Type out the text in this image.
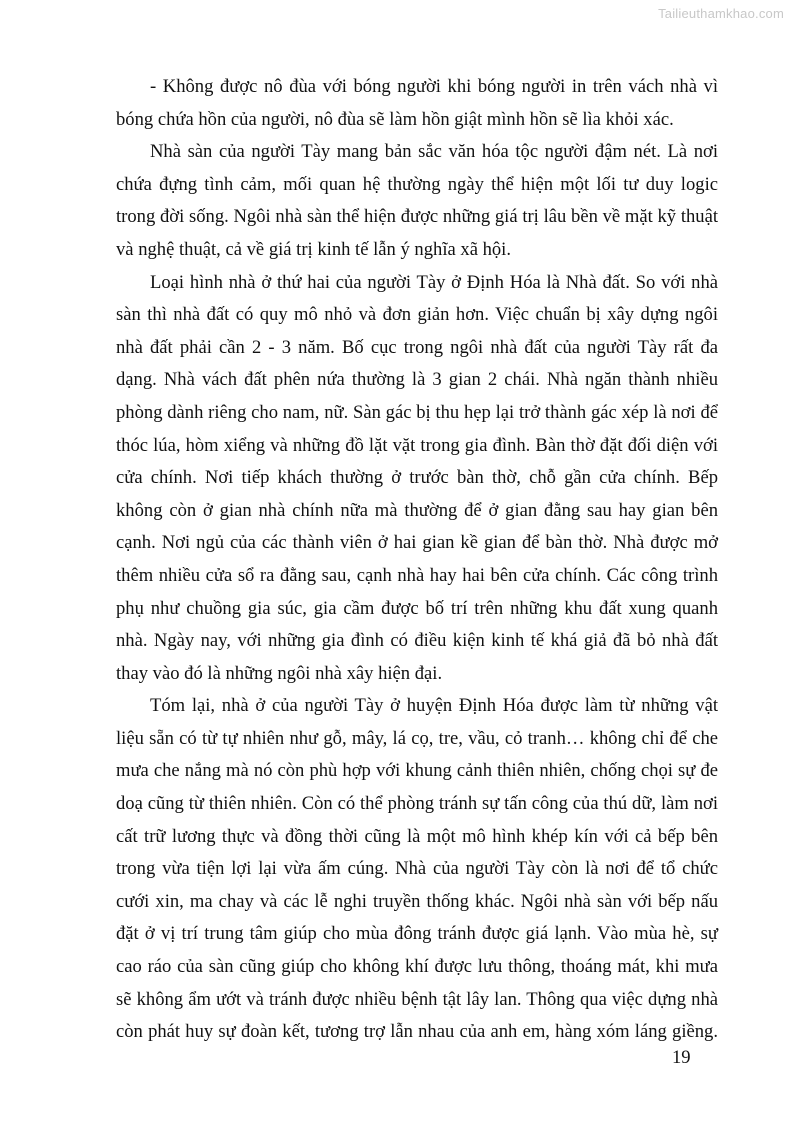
Tailieuthamkhao.com

- Không được nô đùa với bóng người khi bóng người in trên vách nhà vì
bóng chứa hồn của người, nô đùa sẽ làm hồn giật mình hồn sẽ lìa khỏi xác.

Nhà sàn của người Tày mang bản sắc văn hóa tộc người đậm nét. Là nơi
chứa đựng tình cảm, mối quan hệ thường ngày thể hiện một lối tư duy logic
trong đời sống. Ngôi nhà sàn thể hiện được những giá trị lâu bền về mặt kỹ thuật
và nghệ thuật, cả về giá trị kinh tế lẫn ý nghĩa xã hội.

Loại hình nhà ở thứ hai của người Tày ở Định Hóa là Nhà đất. So với nhà
sàn thì nhà đất có quy mô nhỏ và đơn giản hơn. Việc chuẩn bị xây dựng ngôi
nhà đất phải cần 2 - 3 năm. Bố cục trong ngôi nhà đất của người Tày rất đa
dạng. Nhà vách đất phên nứa thường là 3 gian 2 chái. Nhà ngăn thành nhiều
phòng dành riêng cho nam, nữ. Sàn gác bị thu hẹp lại trở thành gác xép là nơi để
thóc lúa, hòm xiểng và những đồ lặt vặt trong gia đình. Bàn thờ đặt đối diện với
cửa chính. Nơi tiếp khách thường ở trước bàn thờ, chỗ gần cửa chính. Bếp
không còn ở gian nhà chính nữa mà thường để ở gian đằng sau hay gian bên
cạnh. Nơi ngủ của các thành viên ở hai gian kề gian để bàn thờ. Nhà được mở
thêm nhiều cửa sổ ra đằng sau, cạnh nhà hay hai bên cửa chính. Các công trình
phụ như chuồng gia súc, gia cầm được bố trí trên những khu đất xung quanh
nhà. Ngày nay, với những gia đình có điều kiện kinh tế khá giả đã bỏ nhà đất
thay vào đó là những ngôi nhà xây hiện đại.

Tóm lại, nhà ở của người Tày ở huyện Định Hóa được làm từ những vật
liệu sẵn có từ tự nhiên như gỗ, mây, lá cọ, tre, vầu, cỏ tranh… không chỉ để che
mưa che nắng mà nó còn phù hợp với khung cảnh thiên nhiên, chống chọi sự đe
doạ cũng từ thiên nhiên. Còn có thể phòng tránh sự tấn công của thú dữ, làm nơi
cất trữ lương thực và đồng thời cũng là một mô hình khép kín với cả bếp bên
trong vừa tiện lợi lại vừa ấm cúng. Nhà của người Tày còn là nơi để tổ chức
cưới xin, ma chay và các lễ nghi truyền thống khác. Ngôi nhà sàn với bếp nấu
đặt ở vị trí trung tâm giúp cho mùa đông tránh được giá lạnh. Vào mùa hè, sự
cao ráo của sàn cũng giúp cho không khí được lưu thông, thoáng mát, khi mưa
sẽ không ẩm ướt và tránh được nhiều bệnh tật lây lan. Thông qua việc dựng nhà
còn phát huy sự đoàn kết, tương trợ lẫn nhau của anh em, hàng xóm láng giềng.

19
